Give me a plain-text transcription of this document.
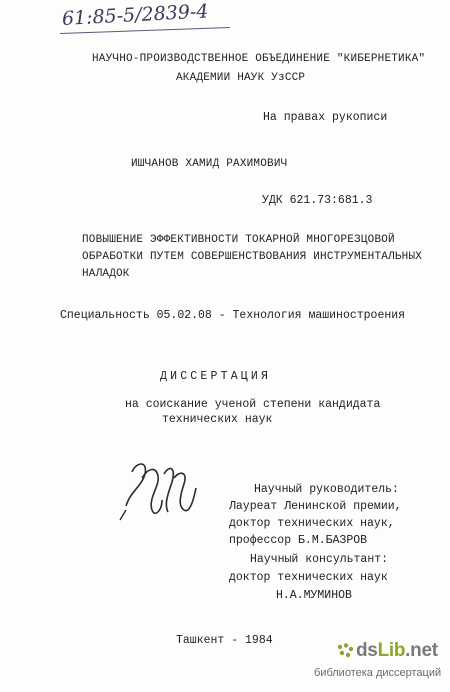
61:85-5/2839-4
НАУЧНО-ПРОИЗВОДСТВЕННОЕ ОБЪЕДИНЕНИЕ "КИБЕРНЕТИКА"
АКАДЕМИИ НАУК УзССР
На правах рукописи
ИШЧАНОВ ХАМИД РАХИМОВИЧ
УДК 621.73:681.3
ПОВЫШЕНИЕ ЭФФЕКТИВНОСТИ ТОКАРНОЙ МНОГОРЕЗЦОВОЙ
ОБРАБОТКИ ПУТЕМ СОВЕРШЕНСТВОВАНИЯ ИНСТРУМЕНТАЛЬНЫХ
НАЛАДОК
Специальность 05.02.08 - Технология машиностроения
ДИССЕРТАЦИЯ
на соискание ученой степени кандидата
технических наук
Научный руководитель:
Лауреат Ленинской премии,
доктор технических наук,
профессор Б.М.БАЗРОВ
Научный консультант:
доктор технических наук
Н.А.МУМИНОВ
Ташкент - 1984	dsLib.net
библиотека диссертаций
